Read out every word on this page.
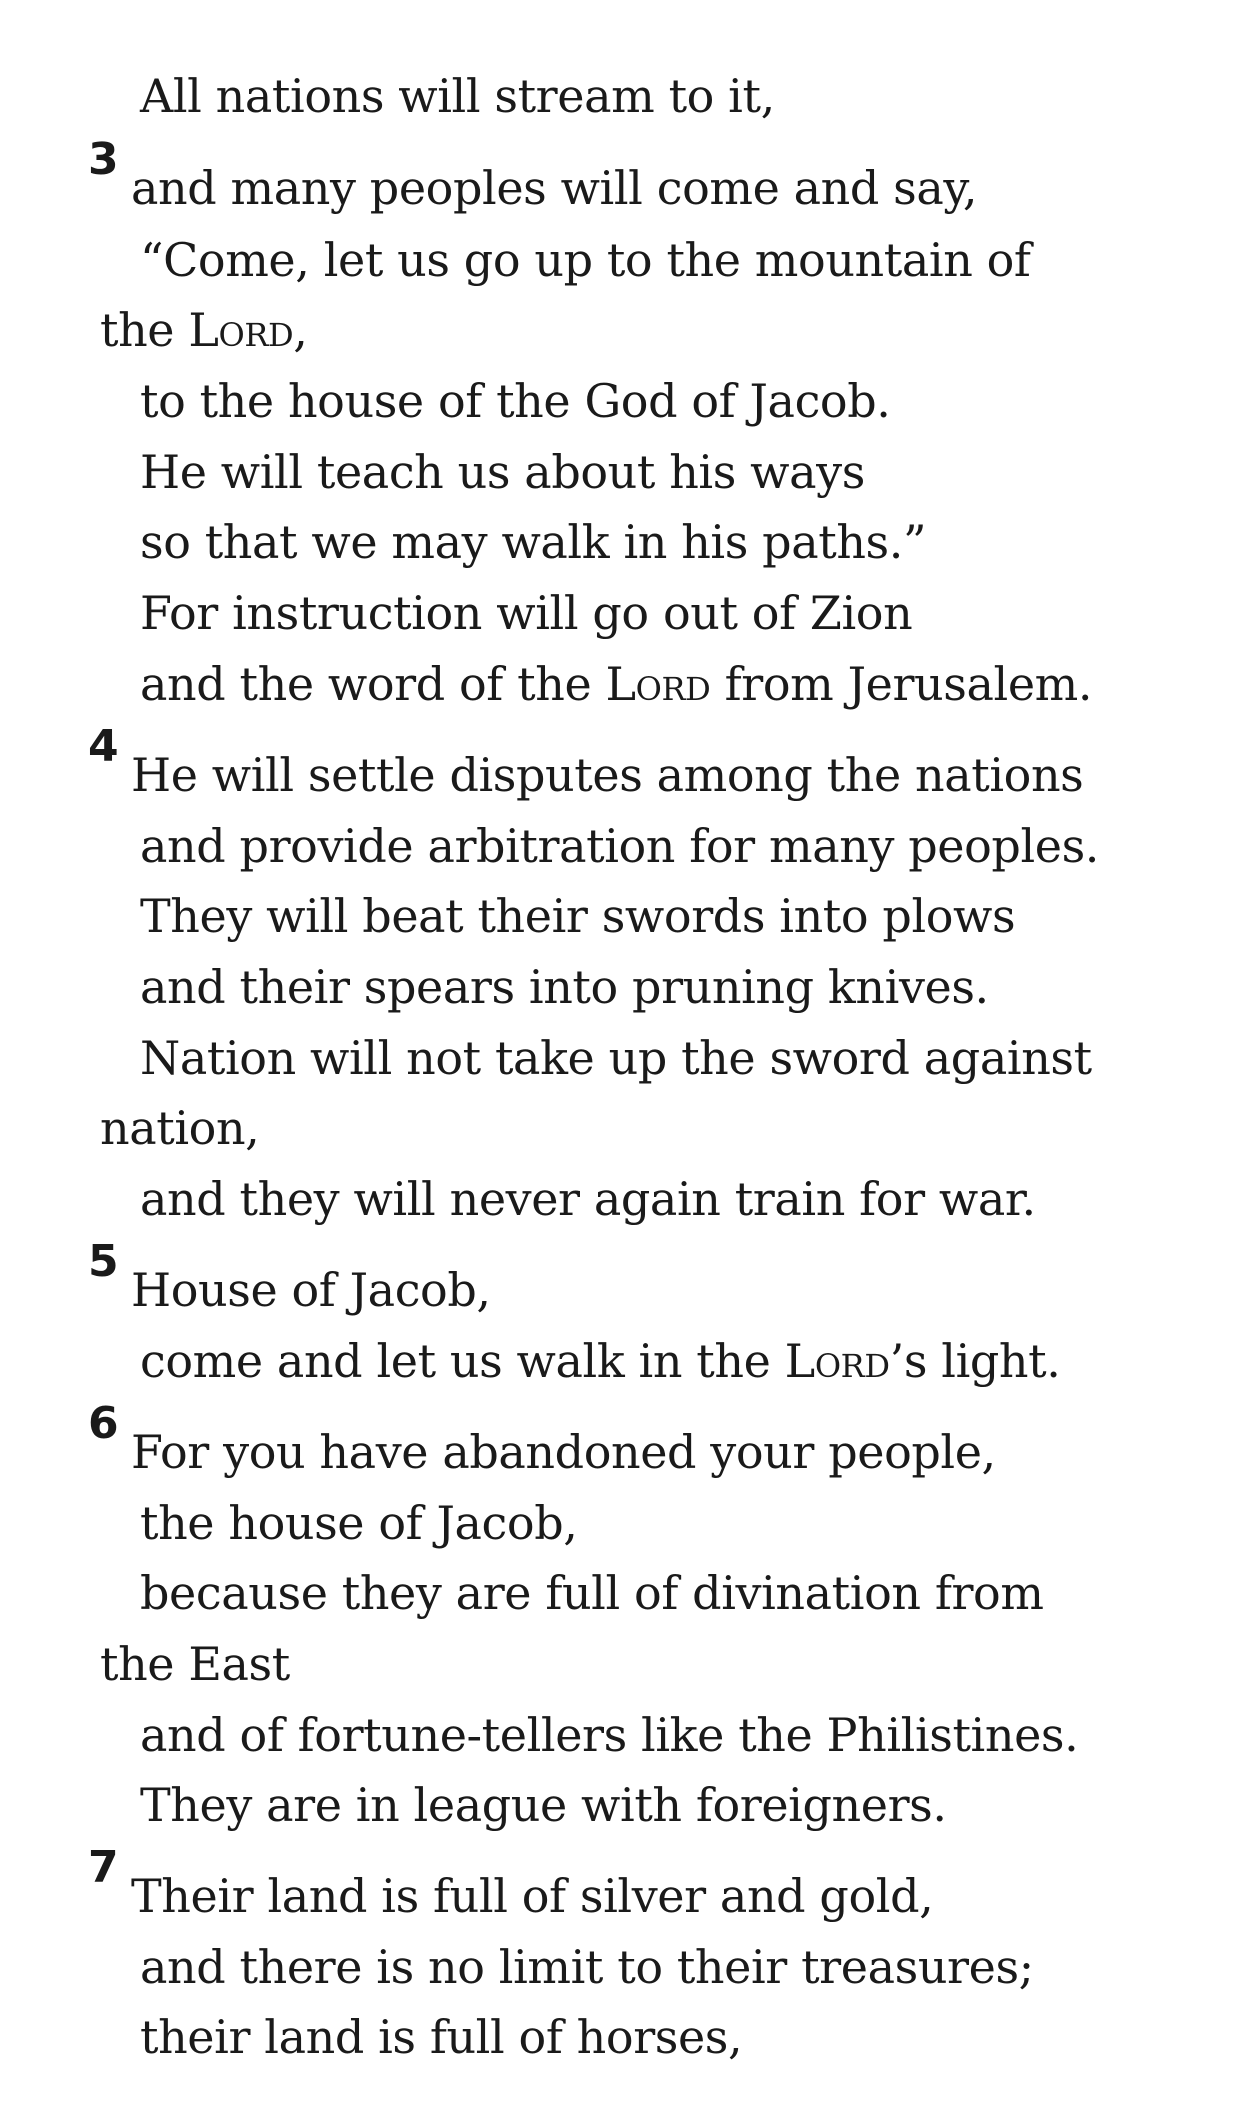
All nations will stream to it,
3
and many peoples will come and say,
“Come, let us go up to the mountain of
the Lord,
to the house of the God of Jacob.
He will teach us about his ways
so that we may walk in his paths.”
For instruction will go out of Zion
and the word of the Lord from Jerusalem.
4
He will settle disputes among the nations
and provide arbitration for many peoples.
They will beat their swords into plows
and their spears into pruning knives.
Nation will not take up the sword against
nation,
and they will never again train for war.
5
House of Jacob,
come and let us walk in the Lord’s light.
6
For you have abandoned your people,
the house of Jacob,
because they are full of divination from
the East
and of fortune-tellers like the Philistines.
They are in league with foreigners.
7
Their land is full of silver and gold,
and there is no limit to their treasures;
their land is full of horses,
